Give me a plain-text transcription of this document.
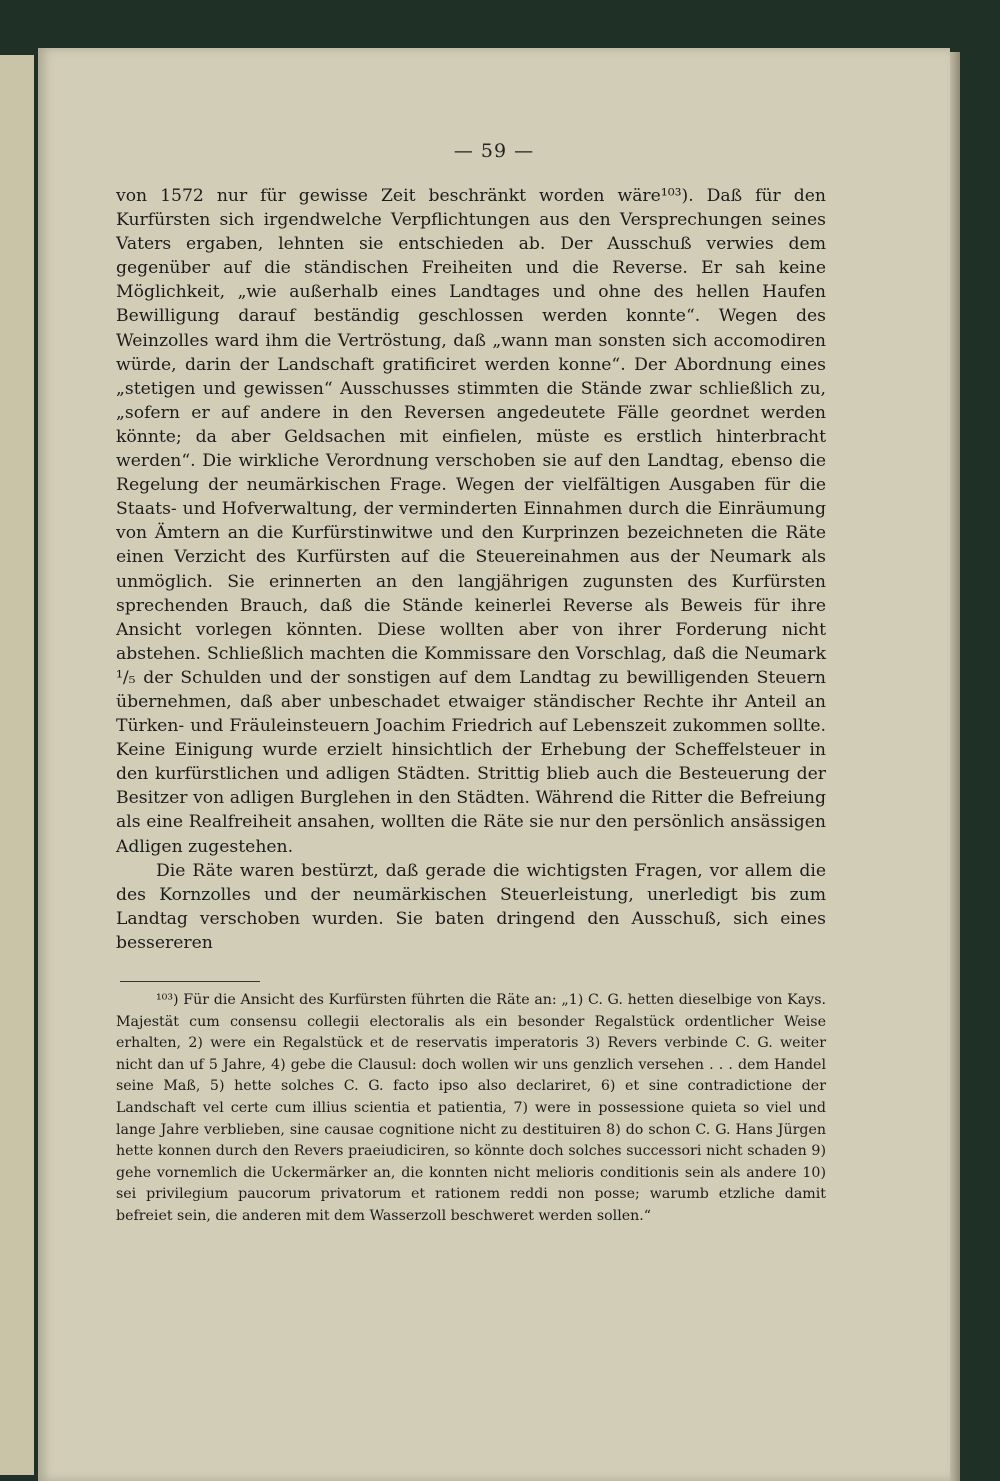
— 59 —

von 1572 nur für gewisse Zeit beschränkt worden wäre¹⁰³). Daß für den Kurfürsten sich irgendwelche Verpflichtungen aus den Versprechungen seines Vaters ergaben, lehnten sie entschieden ab. Der Ausschuß verwies dem gegenüber auf die ständischen Freiheiten und die Reverse. Er sah keine Möglichkeit, „wie außerhalb eines Landtages und ohne des hellen Haufen Bewilligung darauf beständig geschlossen werden konnte“. Wegen des Weinzolles ward ihm die Vertröstung, daß „wann man sonsten sich accomodiren würde, darin der Landschaft gratificiret werden konne“. Der Abordnung eines „stetigen und gewissen“ Ausschusses stimmten die Stände zwar schließlich zu, „sofern er auf andere in den Reversen angedeutete Fälle geordnet werden könnte; da aber Geldsachen mit einfielen, müste es erstlich hinterbracht werden“. Die wirkliche Verordnung verschoben sie auf den Landtag, ebenso die Regelung der neumärkischen Frage. Wegen der vielfältigen Ausgaben für die Staats- und Hofverwaltung, der verminderten Einnahmen durch die Einräumung von Ämtern an die Kurfürstinwitwe und den Kurprinzen bezeichneten die Räte einen Verzicht des Kurfürsten auf die Steuereinahmen aus der Neumark als unmöglich. Sie erinnerten an den langjährigen zugunsten des Kurfürsten sprechenden Brauch, daß die Stände keinerlei Reverse als Beweis für ihre Ansicht vorlegen könnten. Diese wollten aber von ihrer Forderung nicht abstehen. Schließlich machten die Kommissare den Vorschlag, daß die Neumark ¹/₅ der Schulden und der sonstigen auf dem Landtag zu bewilligenden Steuern übernehmen, daß aber unbeschadet etwaiger ständischer Rechte ihr Anteil an Türken- und Fräuleinsteuern Joachim Friedrich auf Lebenszeit zukommen sollte. Keine Einigung wurde erzielt hinsichtlich der Erhebung der Scheffelsteuer in den kurfürstlichen und adligen Städten. Strittig blieb auch die Besteuerung der Besitzer von adligen Burglehen in den Städten. Während die Ritter die Befreiung als eine Realfreiheit ansahen, wollten die Räte sie nur den persönlich ansässigen Adligen zugestehen.

Die Räte waren bestürzt, daß gerade die wichtigsten Fragen, vor allem die des Kornzolles und der neumärkischen Steuerleistung, unerledigt bis zum Landtag verschoben wurden. Sie baten dringend den Ausschuß, sich eines bessereren

¹⁰³) Für die Ansicht des Kurfürsten führten die Räte an: „1) C. G. hetten dieselbige von Kays. Majestät cum consensu collegii electoralis als ein besonder Regalstück ordentlicher Weise erhalten, 2) were ein Regalstück et de reservatis imperatoris 3) Revers verbinde C. G. weiter nicht dan uf 5 Jahre, 4) gebe die Clausul: doch wollen wir uns genzlich versehen . . . dem Handel seine Maß, 5) hette solches C. G. facto ipso also declariret, 6) et sine contradictione der Landschaft vel certe cum illius scientia et patientia, 7) were in possessione quieta so viel und lange Jahre verblieben, sine causae cognitione nicht zu destituiren 8) do schon C. G. Hans Jürgen hette konnen durch den Revers praeiudiciren, so könnte doch solches successori nicht schaden 9) gehe vornemlich die Uckermärker an, die konnten nicht melioris conditionis sein als andere 10) sei privilegium paucorum privatorum et rationem reddi non posse; warumb etzliche damit befreiet sein, die anderen mit dem Wasserzoll beschweret werden sollen.“
